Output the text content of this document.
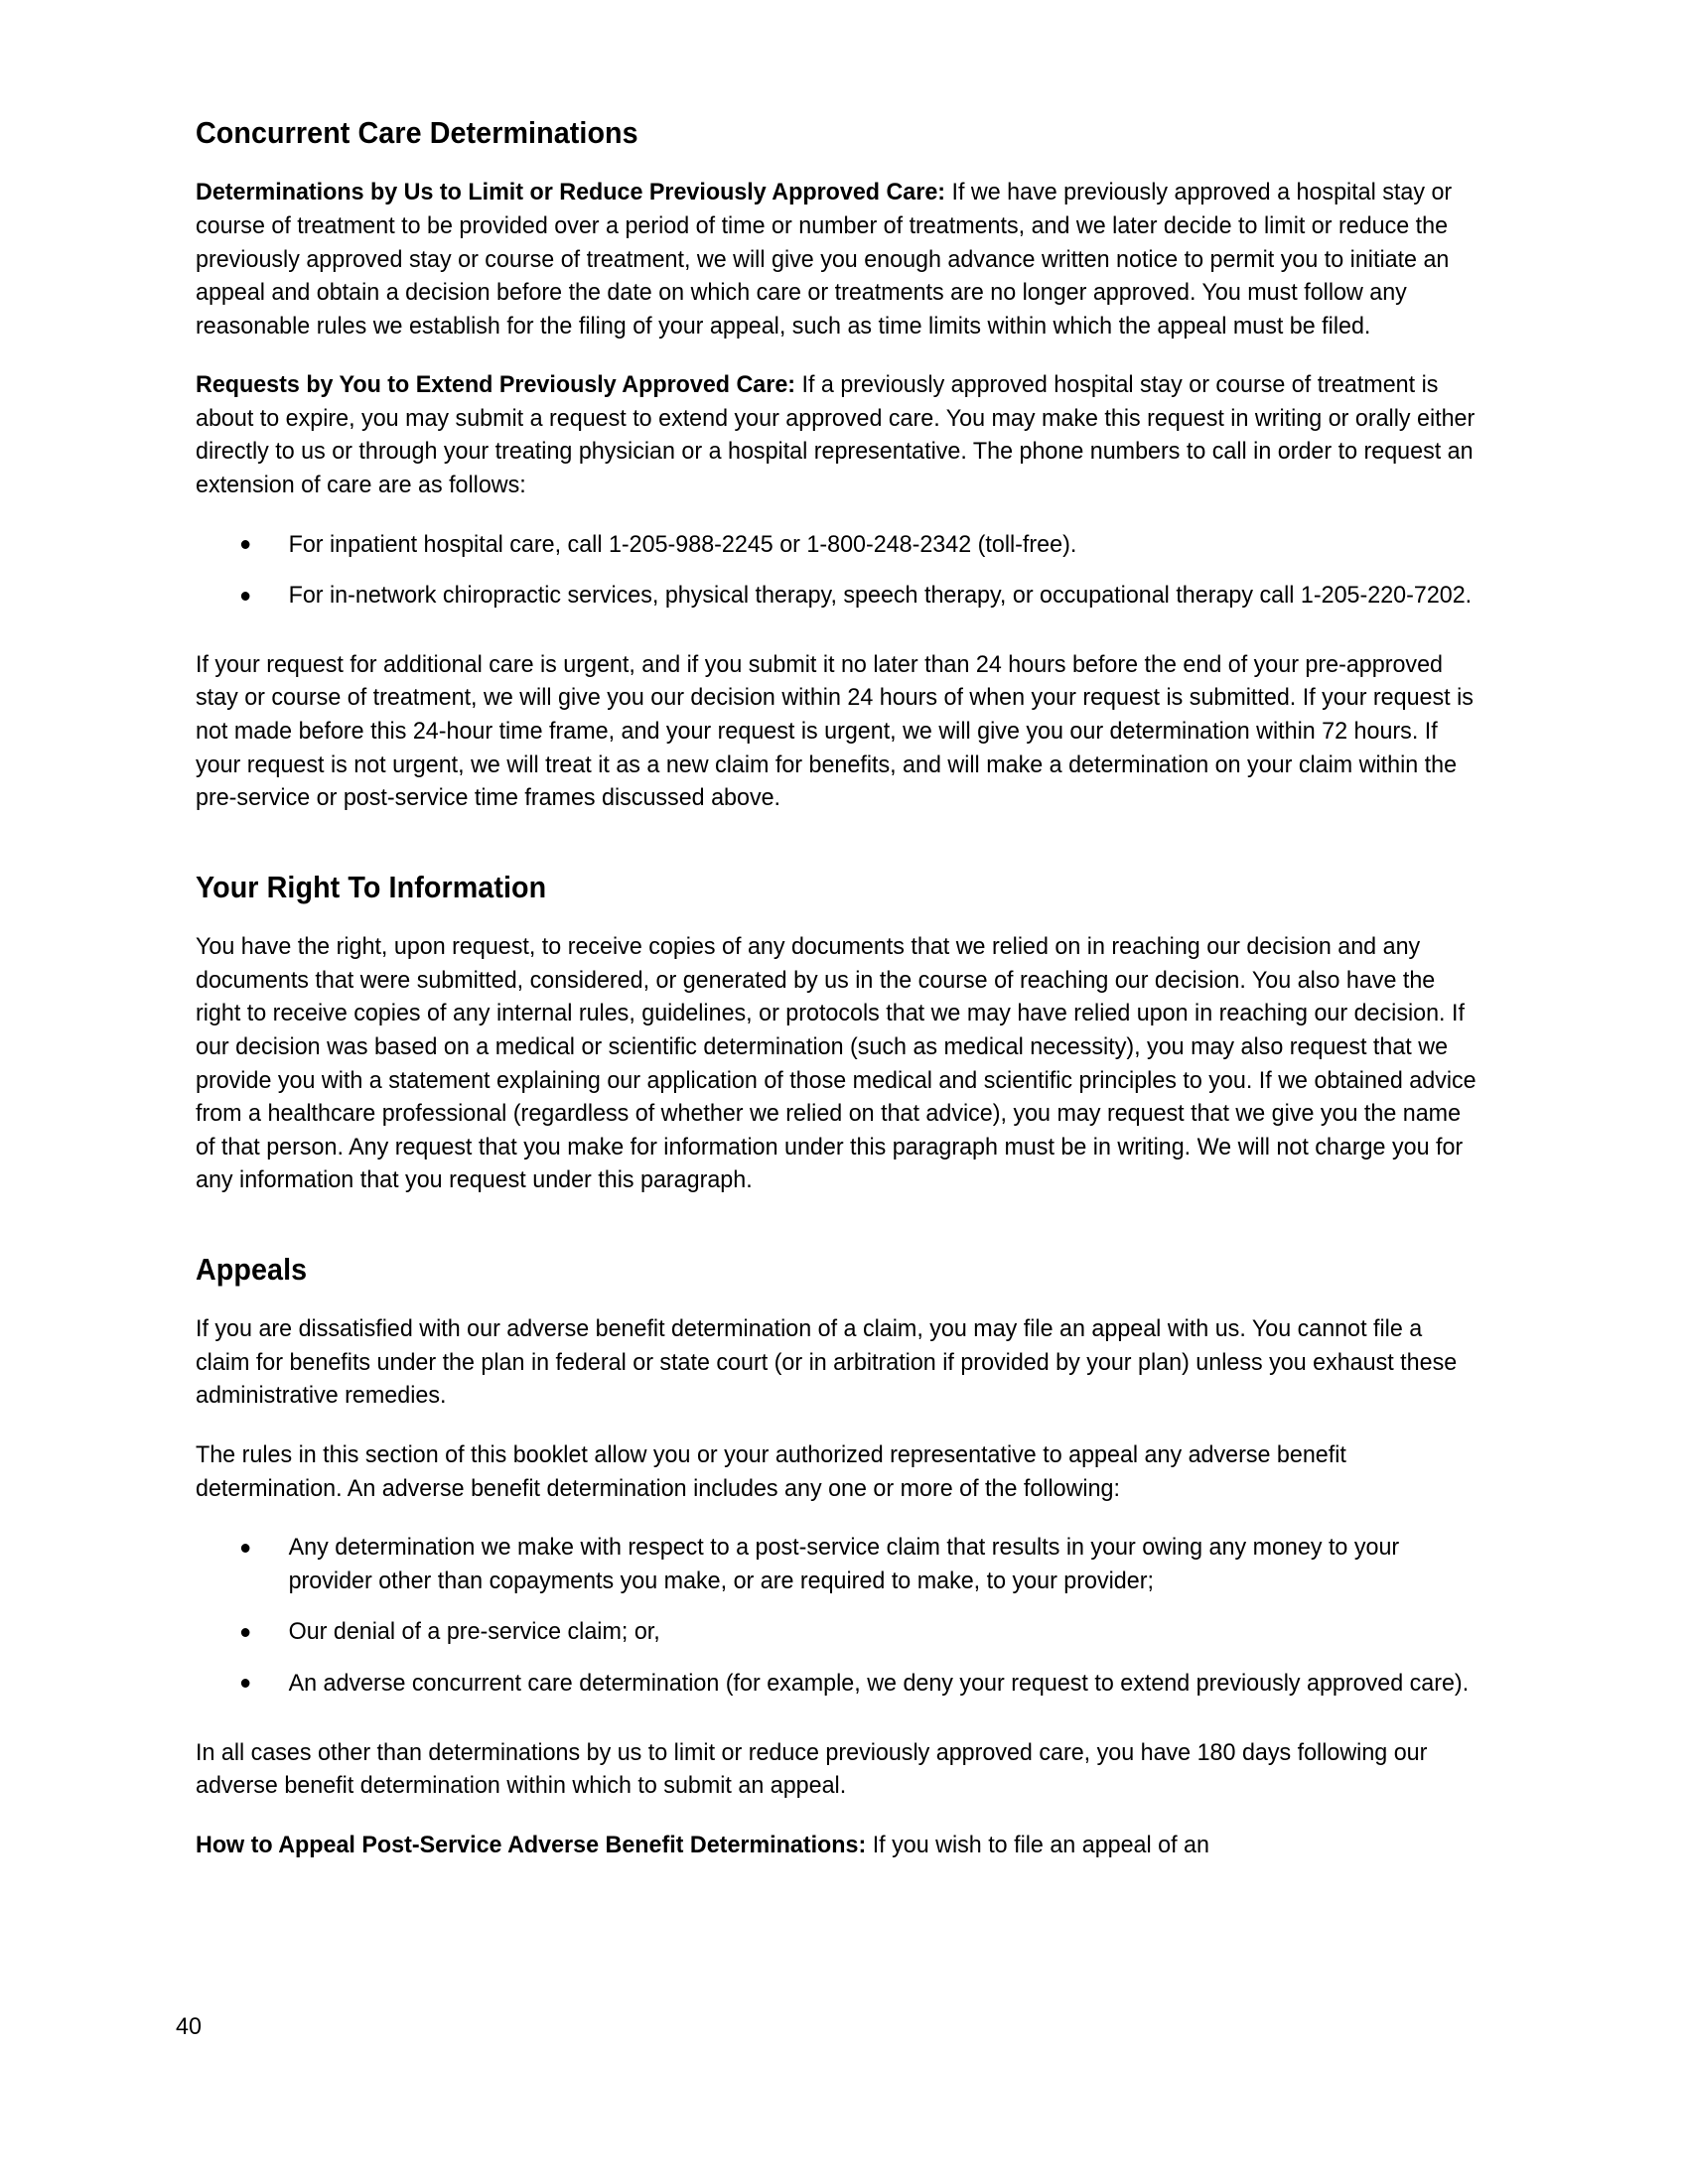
Concurrent Care Determinations

Determinations by Us to Limit or Reduce Previously Approved Care: If we have previously approved a hospital stay or course of treatment to be provided over a period of time or number of treatments, and we later decide to limit or reduce the previously approved stay or course of treatment, we will give you enough advance written notice to permit you to initiate an appeal and obtain a decision before the date on which care or treatments are no longer approved. You must follow any reasonable rules we establish for the filing of your appeal, such as time limits within which the appeal must be filed.

Requests by You to Extend Previously Approved Care: If a previously approved hospital stay or course of treatment is about to expire, you may submit a request to extend your approved care. You may make this request in writing or orally either directly to us or through your treating physician or a hospital representative. The phone numbers to call in order to request an extension of care are as follows:

For inpatient hospital care, call 1-205-988-2245 or 1-800-248-2342 (toll-free).
For in-network chiropractic services, physical therapy, speech therapy, or occupational therapy call 1-205-220-7202.

If your request for additional care is urgent, and if you submit it no later than 24 hours before the end of your pre-approved stay or course of treatment, we will give you our decision within 24 hours of when your request is submitted. If your request is not made before this 24-hour time frame, and your request is urgent, we will give you our determination within 72 hours. If your request is not urgent, we will treat it as a new claim for benefits, and will make a determination on your claim within the pre-service or post-service time frames discussed above.

Your Right To Information

You have the right, upon request, to receive copies of any documents that we relied on in reaching our decision and any documents that were submitted, considered, or generated by us in the course of reaching our decision. You also have the right to receive copies of any internal rules, guidelines, or protocols that we may have relied upon in reaching our decision. If our decision was based on a medical or scientific determination (such as medical necessity), you may also request that we provide you with a statement explaining our application of those medical and scientific principles to you. If we obtained advice from a healthcare professional (regardless of whether we relied on that advice), you may request that we give you the name of that person. Any request that you make for information under this paragraph must be in writing. We will not charge you for any information that you request under this paragraph.

Appeals

If you are dissatisfied with our adverse benefit determination of a claim, you may file an appeal with us. You cannot file a claim for benefits under the plan in federal or state court (or in arbitration if provided by your plan) unless you exhaust these administrative remedies.

The rules in this section of this booklet allow you or your authorized representative to appeal any adverse benefit determination. An adverse benefit determination includes any one or more of the following:

Any determination we make with respect to a post-service claim that results in your owing any money to your provider other than copayments you make, or are required to make, to your provider;
Our denial of a pre-service claim; or,
An adverse concurrent care determination (for example, we deny your request to extend previously approved care).

In all cases other than determinations by us to limit or reduce previously approved care, you have 180 days following our adverse benefit determination within which to submit an appeal.

How to Appeal Post-Service Adverse Benefit Determinations: If you wish to file an appeal of an

40
